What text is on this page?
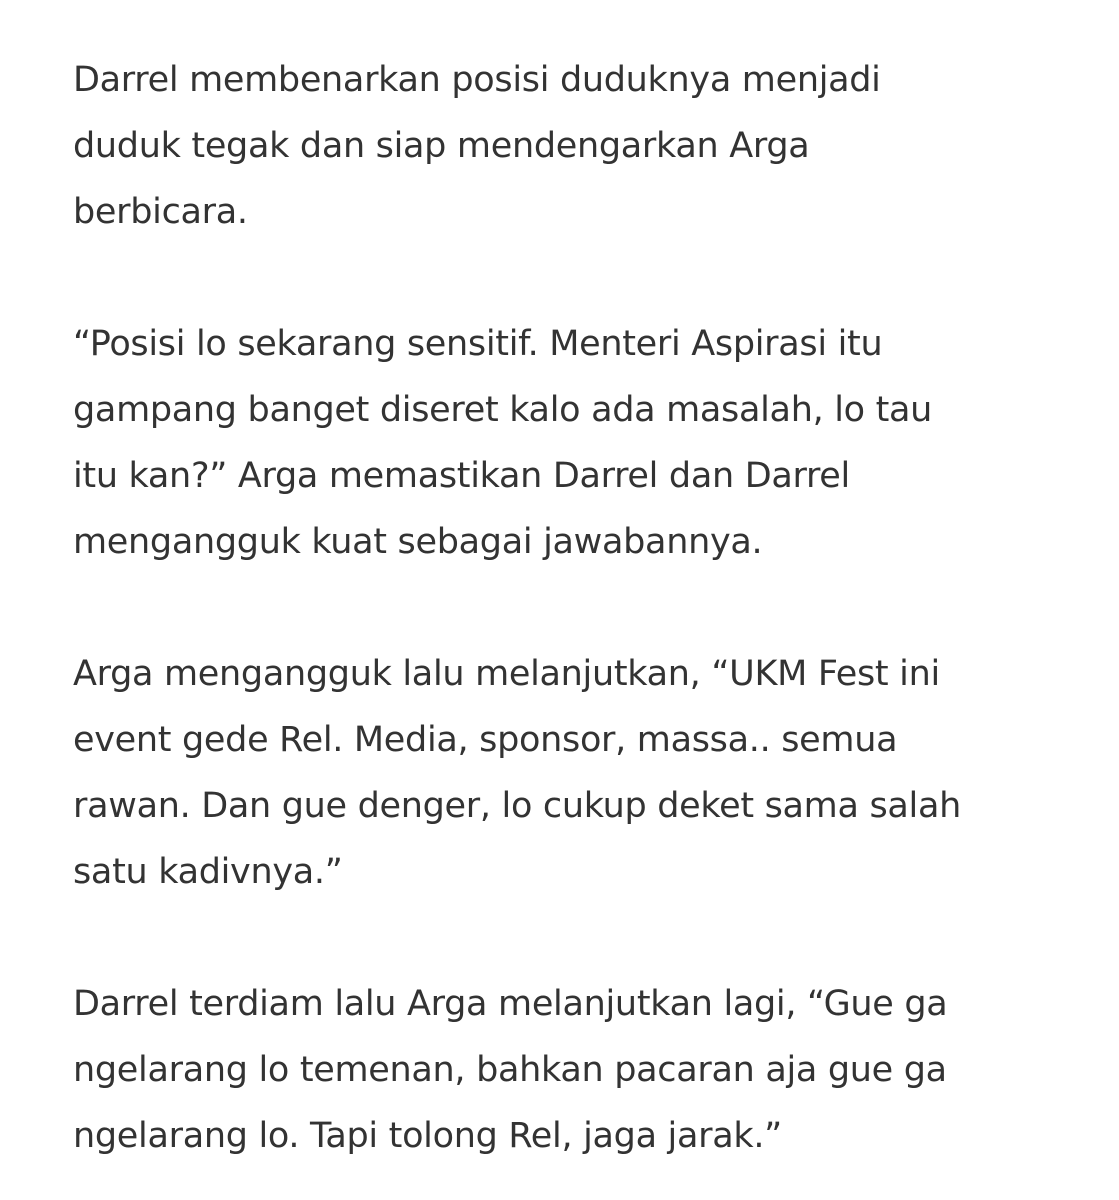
Darrel membenarkan posisi duduknya menjadi
duduk tegak dan siap mendengarkan Arga
berbicara.
“Posisi lo sekarang sensitif. Menteri Aspirasi itu
gampang banget diseret kalo ada masalah, lo tau
itu kan?” Arga memastikan Darrel dan Darrel
mengangguk kuat sebagai jawabannya.
Arga mengangguk lalu melanjutkan, “UKM Fest ini
event gede Rel. Media, sponsor, massa.. semua
rawan. Dan gue denger, lo cukup deket sama salah
satu kadivnya.”
Darrel terdiam lalu Arga melanjutkan lagi, “Gue ga
ngelarang lo temenan, bahkan pacaran aja gue ga
ngelarang lo. Tapi tolong Rel, jaga jarak.”
